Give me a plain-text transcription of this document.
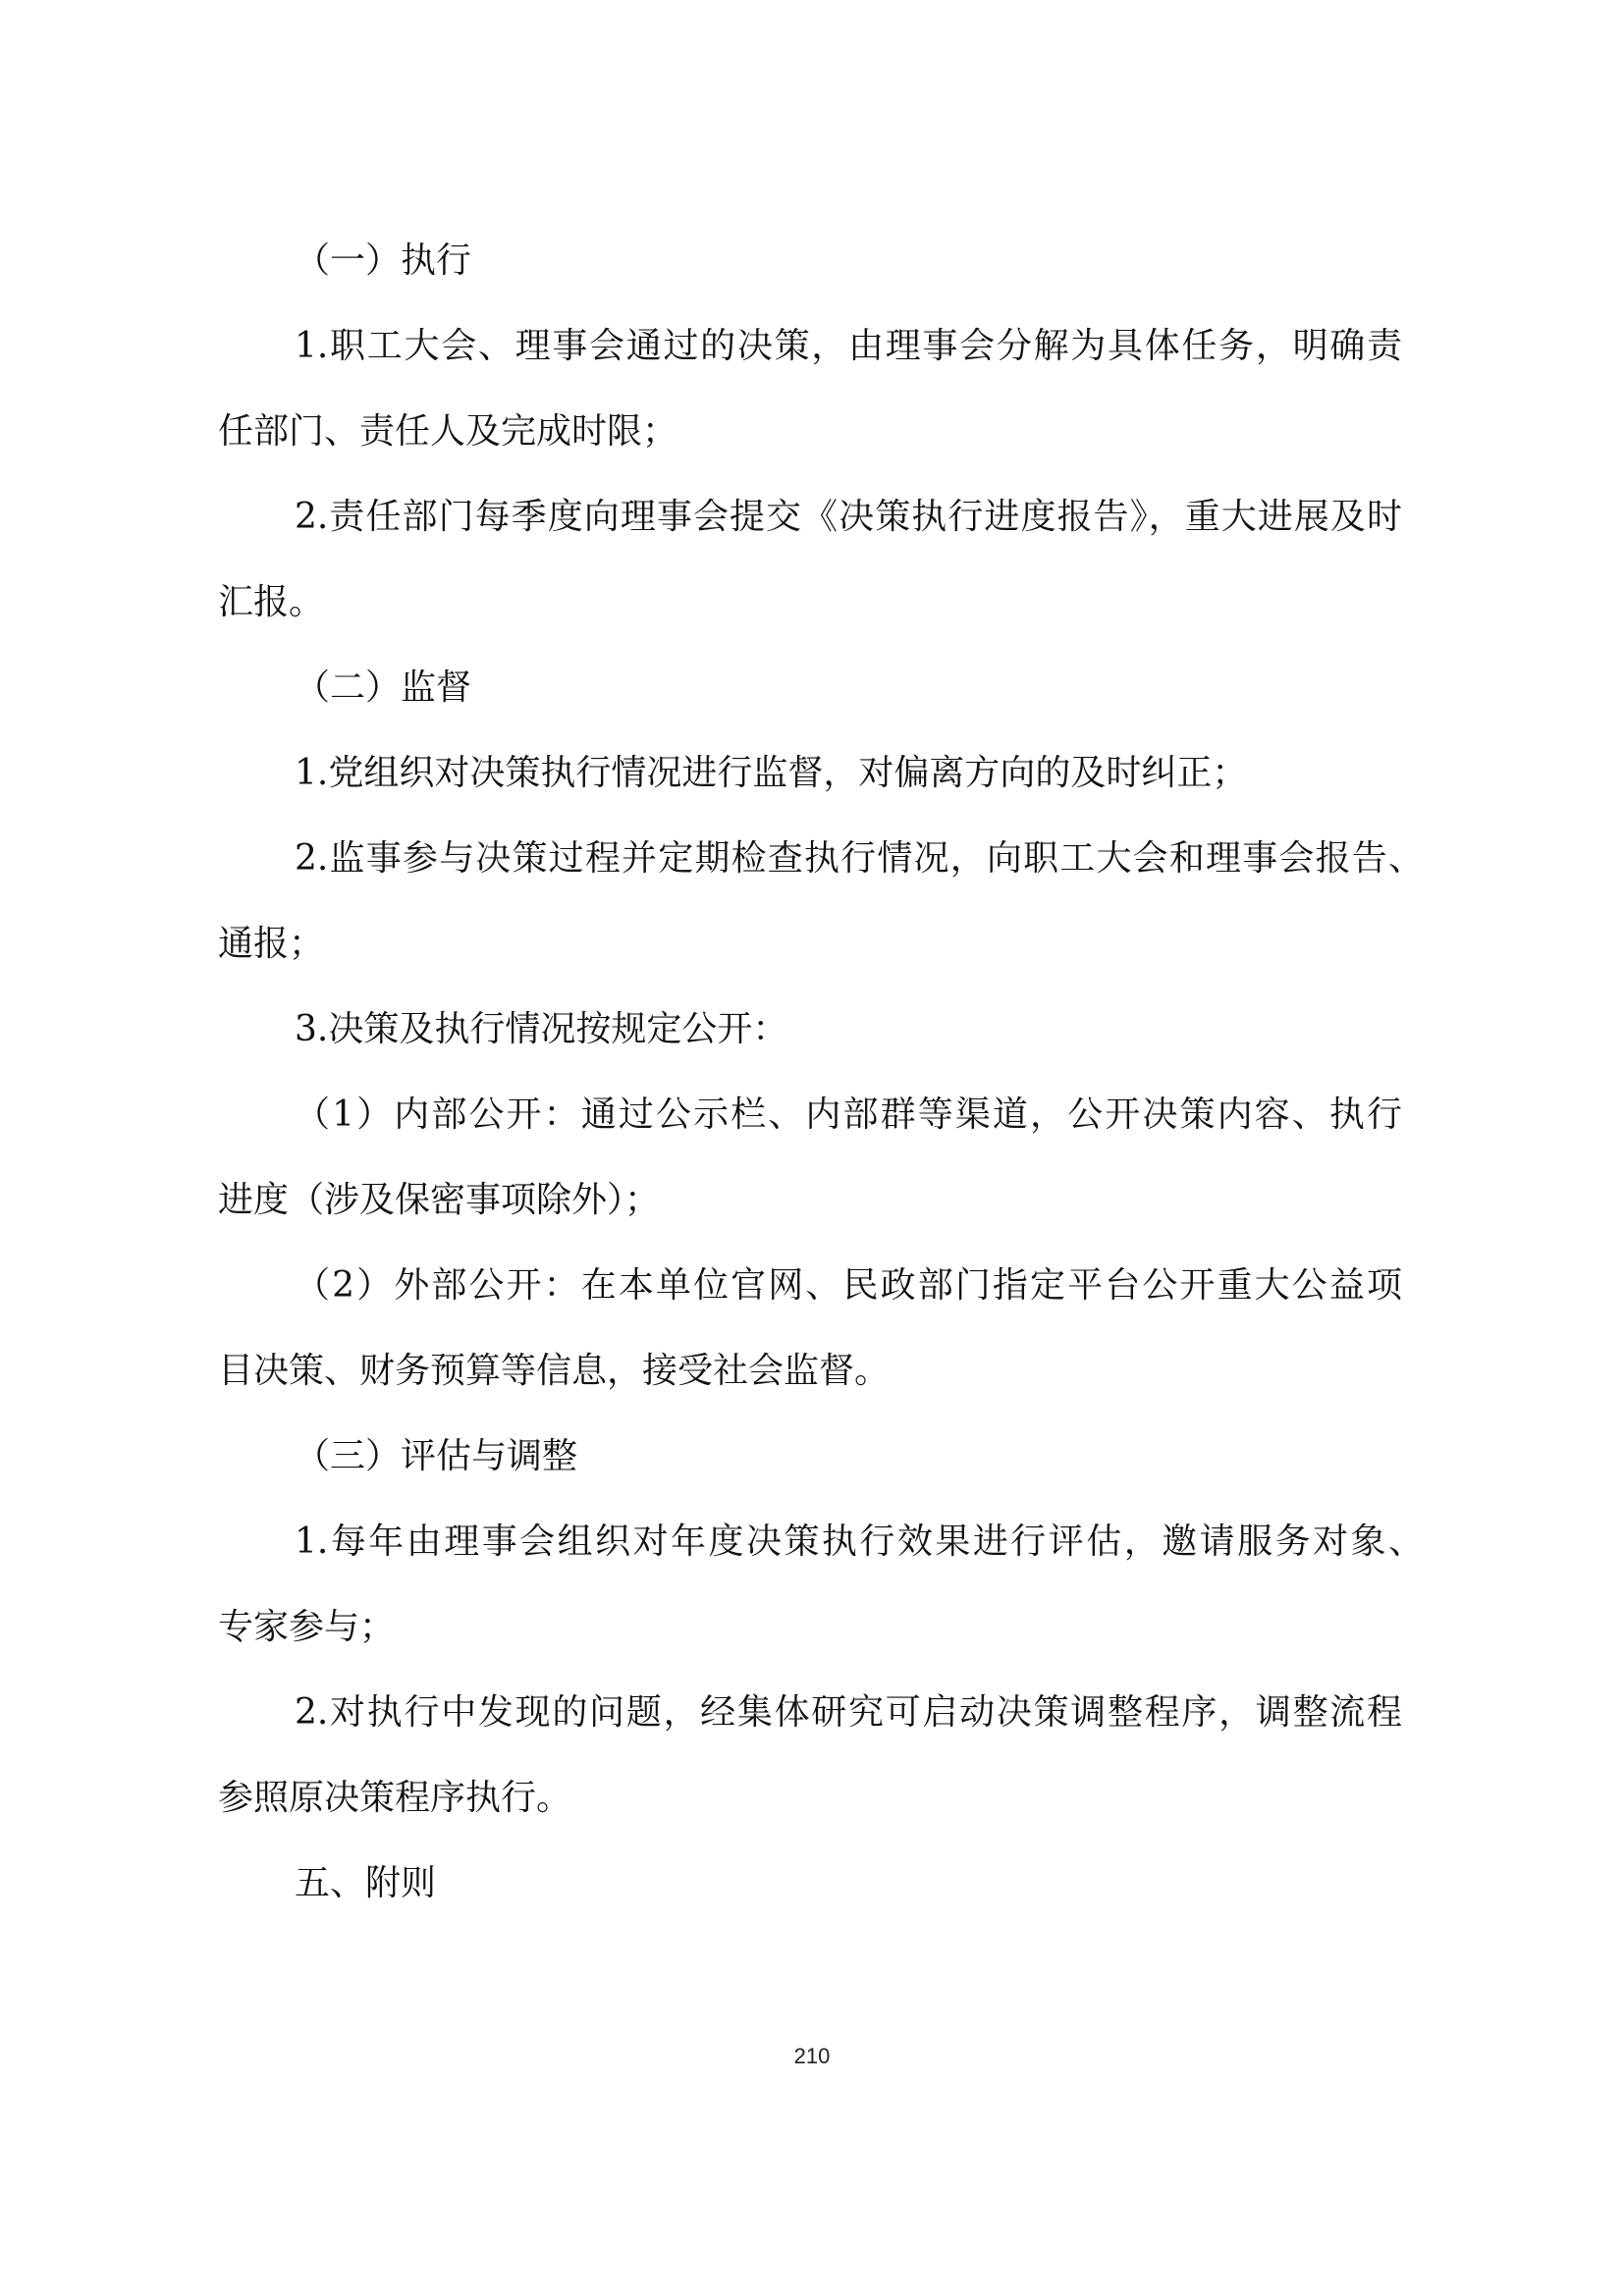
（一）执行
1.职工大会、理事会通过的决策，由理事会分解为具体任务，明确责
任部门、责任人及完成时限；
2.责任部门每季度向理事会提交《决策执行进度报告》，重大进展及时
汇报。
（二）监督
1.党组织对决策执行情况进行监督，对偏离方向的及时纠正；
2.监事参与决策过程并定期检查执行情况，向职工大会和理事会报告、
通报；
3.决策及执行情况按规定公开：
（1）内部公开：通过公示栏、内部群等渠道，公开决策内容、执行
进度（涉及保密事项除外）；
（2）外部公开：在本单位官网、民政部门指定平台公开重大公益项
目决策、财务预算等信息，接受社会监督。
（三）评估与调整
1.每年由理事会组织对年度决策执行效果进行评估，邀请服务对象、
专家参与；
2.对执行中发现的问题，经集体研究可启动决策调整程序，调整流程
参照原决策程序执行。
五、附则
210
